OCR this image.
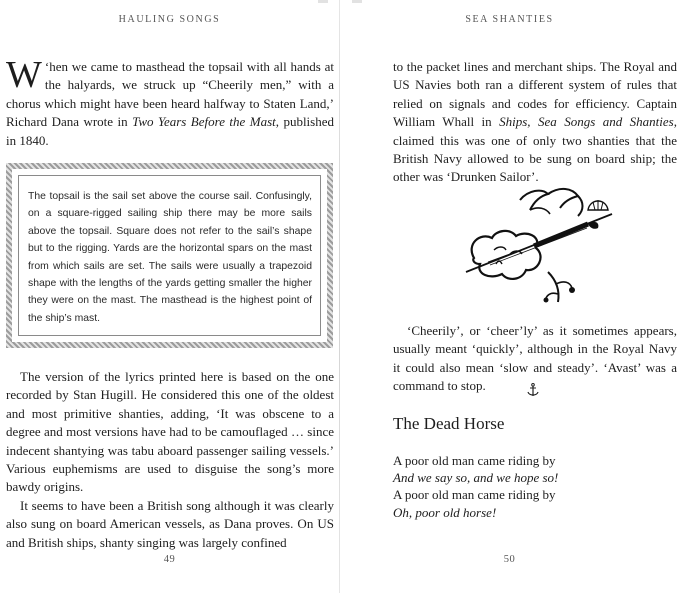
HAULING SONGS

‘
W hen we came to masthead the topsail with all hands at the halyards, we struck up “Cheerily men,” with a chorus which might have been heard halfway to Staten Land,’ Richard Dana wrote in Two Years Before the Mast, published in 1840.

The topsail is the sail set above the course sail. Confusingly, on a square-rigged sailing ship there may be more sails above the topsail. Square does not refer to the sail’s shape but to the rigging. Yards are the horizontal spars on the mast from which sails are set. The sails were usually a trapezoid shape with the lengths of the yards getting smaller the higher they were on the mast. The masthead is the highest point of the ship’s mast.

The version of the lyrics printed here is based on the one recorded by Stan Hugill. He considered this one of the oldest and most primitive shanties, adding, ‘It was obscene to a degree and most versions have had to be camouflaged … since indecent shantying was tabu aboard passenger sailing vessels.’ Various euphemisms are used to disguise the song’s more bawdy origins.

It seems to have been a British song although it was clearly also sung on board American vessels, as Dana proves. On US and British ships, shanty singing was largely confined

49
SEA SHANTIES

to the packet lines and merchant ships. The Royal and US Navies both ran a different system of rules that relied on signals and codes for efficiency. Captain William Whall in Ships, Sea Songs and Shanties, claimed this was one of only two shanties that the British Navy allowed to be sung on board ship; the other was ‘Drunken Sailor’.

‘Cheerily’, or ‘cheer’ly’ as it sometimes appears, usually meant ‘quickly’, although in the Royal Navy it could also mean ‘slow and steady’. ‘Avast’ was a command to stop.

The Dead Horse
A poor old man came riding by
And we say so, and we hope so!
A poor old man came riding by
Oh, poor old horse!
50
